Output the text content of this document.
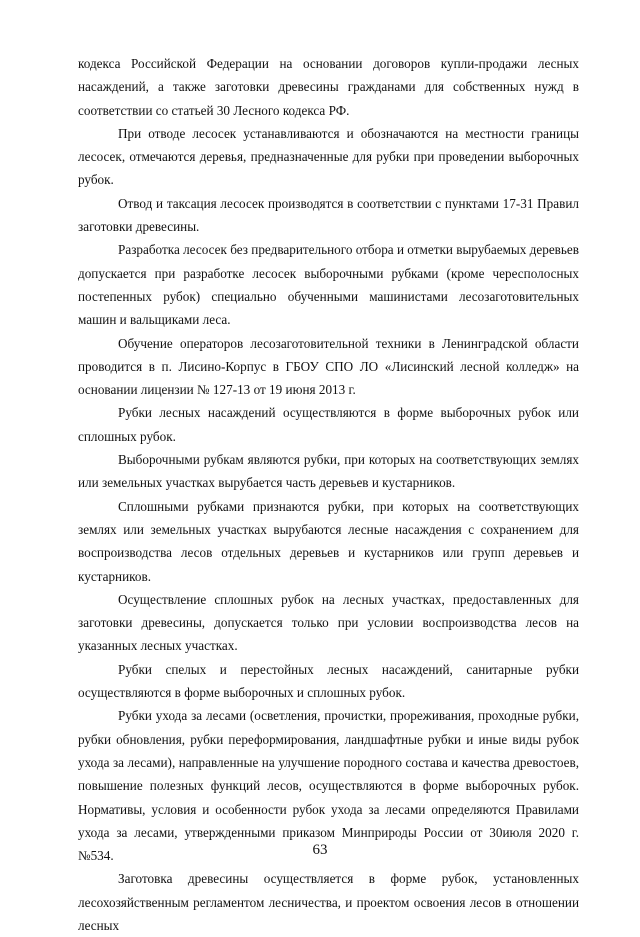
кодекса Российской Федерации на основании договоров купли-продажи лесных насаждений, а также заготовки древесины гражданами для собственных нужд в соответствии со статьей 30 Лесного кодекса РФ.

При отводе лесосек устанавливаются и обозначаются на местности границы лесосек, отмечаются деревья, предназначенные для рубки при проведении выборочных рубок.

Отвод и таксация лесосек производятся в соответствии с пунктами 17-31 Правил заготовки древесины.

Разработка лесосек без предварительного отбора и отметки вырубаемых деревьев допускается при разработке лесосек выборочными рубками (кроме чересполосных постепенных рубок) специально обученными машинистами лесозаготовительных машин и вальщиками леса.

Обучение операторов лесозаготовительной техники в Ленинградской области проводится в п. Лисино-Корпус в ГБОУ СПО ЛО «Лисинский лесной колледж» на основании лицензии № 127-13 от 19 июня 2013 г.

Рубки лесных насаждений осуществляются в форме выборочных рубок или сплошных рубок.

Выборочными рубкам являются рубки, при которых на соответствующих землях или земельных участках вырубается часть деревьев и кустарников.

Сплошными рубками признаются рубки, при которых на соответствующих землях или земельных участках вырубаются лесные насаждения с сохранением для воспроизводства лесов отдельных деревьев и кустарников или групп деревьев и кустарников.

Осуществление сплошных рубок на лесных участках, предоставленных для заготовки древесины, допускается только при условии воспроизводства лесов на указанных лесных участках.

Рубки спелых и перестойных лесных насаждений, санитарные рубки осуществляются в форме выборочных и сплошных рубок.

Рубки ухода за лесами (осветления, прочистки, прореживания, проходные рубки, рубки обновления, рубки переформирования, ландшафтные рубки и иные виды рубок ухода за лесами), направленные на улучшение породного состава и качества древостоев, повышение полезных функций лесов, осуществляются в форме выборочных рубок. Нормативы, условия и особенности рубок ухода за лесами определяются Правилами ухода за лесами, утвержденными приказом Минприроды России от 30июля 2020 г. №534.

Заготовка древесины осуществляется в форме рубок, установленных лесохозяйственным регламентом лесничества, и проектом освоения лесов в отношении лесных

63
